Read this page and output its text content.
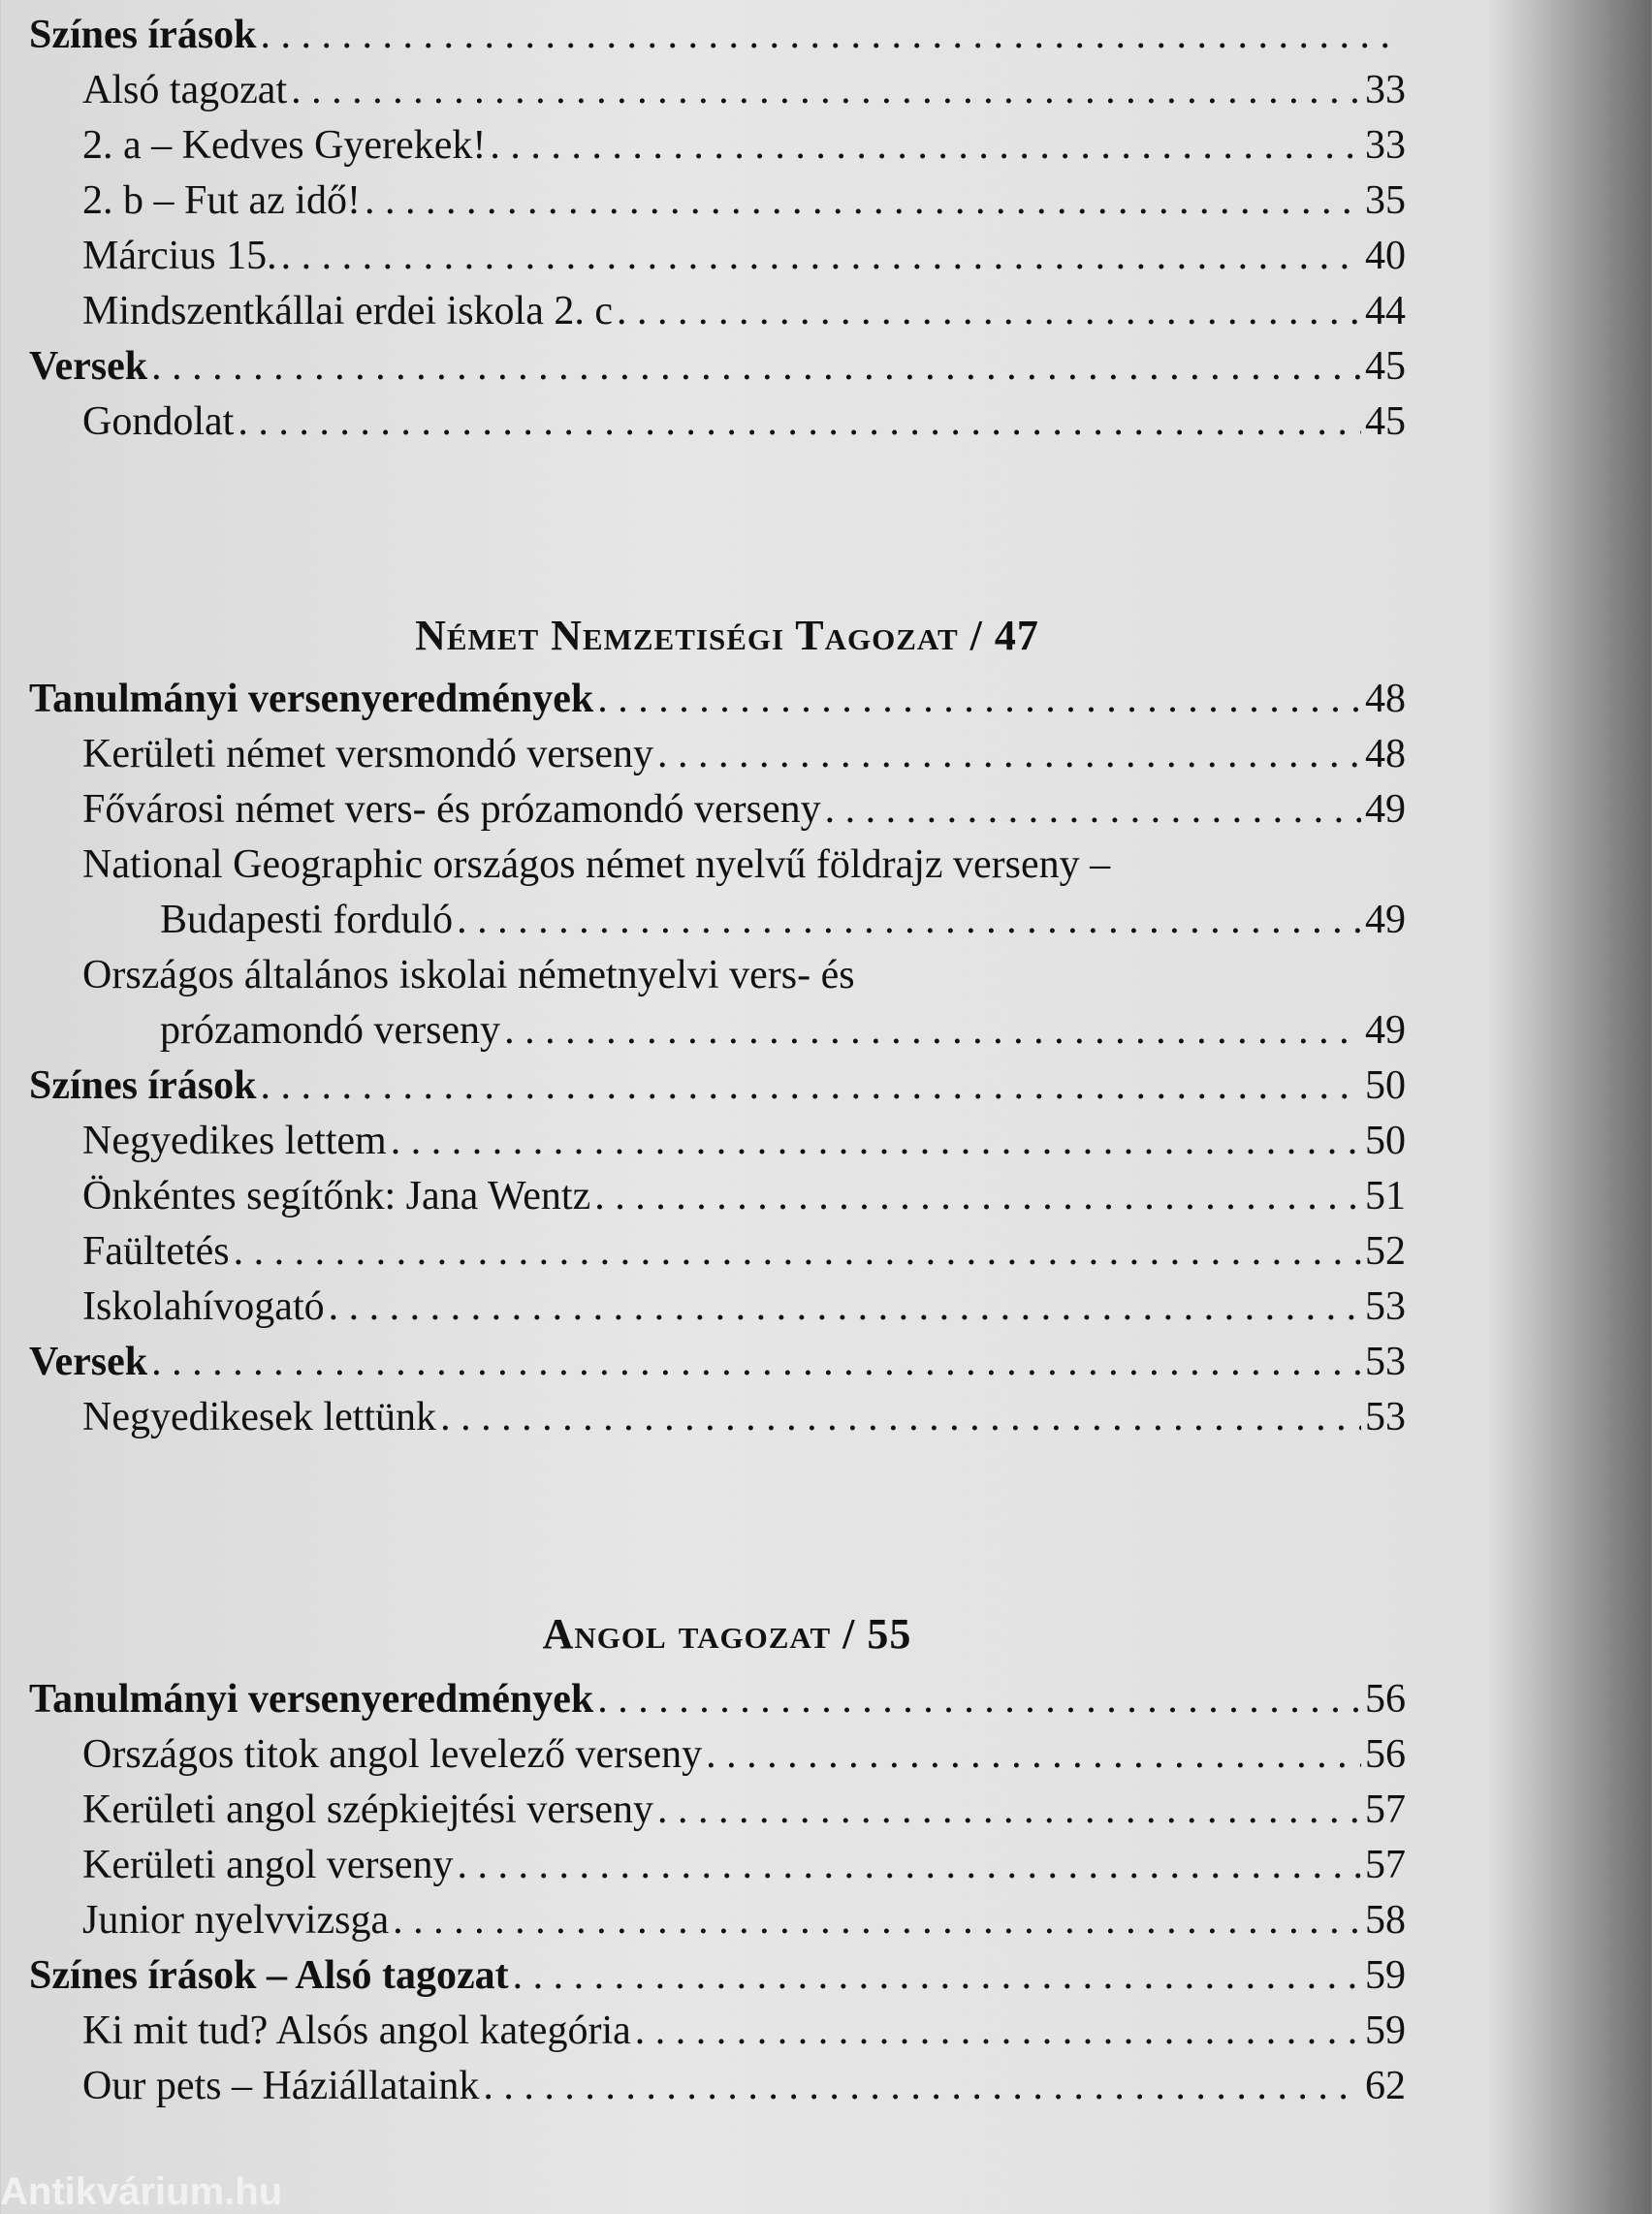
Színes írások
. . .
Alsó tagozat . . .	33
2. a – Kedves Gyerekek! . . .	33
2. b – Fut az idő! . . .	35
Március 15. . . .	40
Mindszentkállai erdei iskola 2. c . . .	44
Versek . . .	45
Gondolat . . .	45
Német Nemzetiségi Tagozat / 47
Tanulmányi versenyeredmények . . .	48
Kerületi német versmondó verseny . . .	48
Fővárosi német vers- és prózamondó verseny . . .	49
National Geographic országos német nyelvű földrajz verseny –
Budapesti forduló . . .	49
Országos általános iskolai németnyelvi vers- és
prózamondó verseny . . .	49
Színes írások . . .	50
Negyedikes lettem . . .	50
Önkéntes segítőnk: Jana Wentz . . .	51
Faültetés . . .	52
Iskolahívogató . . .	53
Versek . . .	53
Negyedikesek lettünk . . .	53
Angol tagozat / 55
Tanulmányi versenyeredmények . . .	56
Országos titok angol levelező verseny . . .	56
Kerületi angol szépkiejtési verseny . . .	57
Kerületi angol verseny . . .	57
Junior nyelvvizsga . . .	58
Színes írások – Alsó tagozat . . .	59
Ki mit tud? Alsós angol kategória . . .	59
Our pets – Háziállataink . . .	62
Antikvárium.hu
